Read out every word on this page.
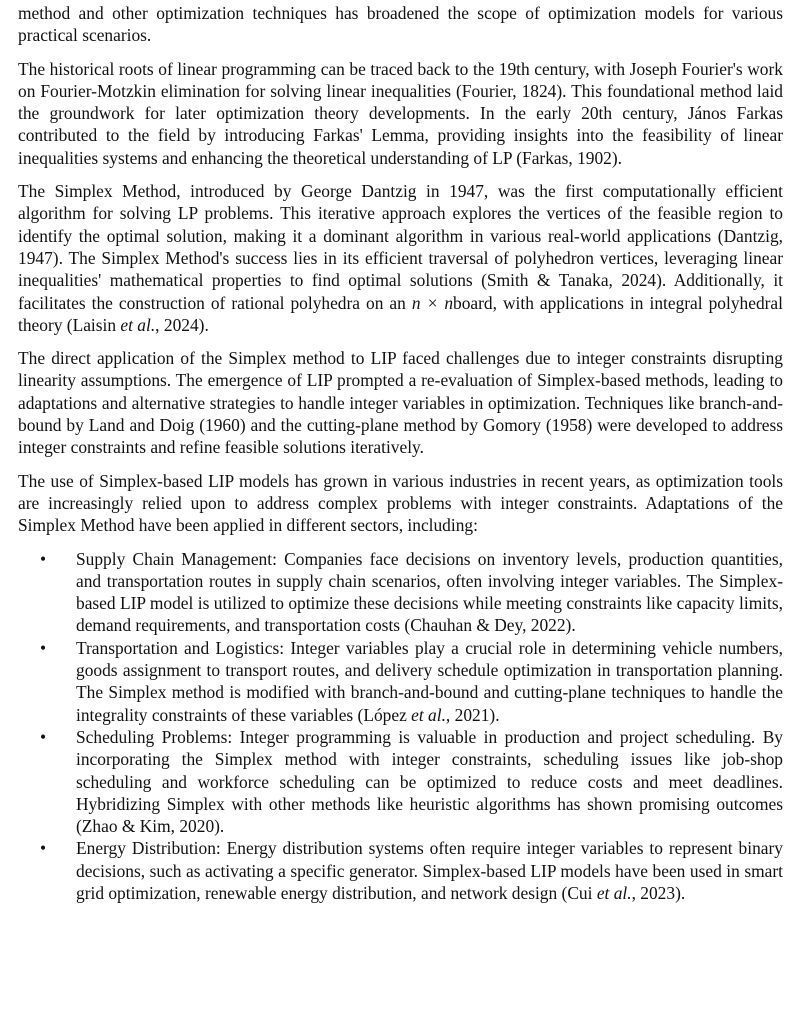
method and other optimization techniques has broadened the scope of optimization models for various practical scenarios.

The historical roots of linear programming can be traced back to the 19th century, with Joseph Fourier's work on Fourier-Motzkin elimination for solving linear inequalities (Fourier, 1824). This foundational method laid the groundwork for later optimization theory developments. In the early 20th century, János Farkas contributed to the field by introducing Farkas' Lemma, providing insights into the feasibility of linear inequalities systems and enhancing the theoretical understanding of LP (Farkas, 1902).

The Simplex Method, introduced by George Dantzig in 1947, was the first computationally efficient algorithm for solving LP problems. This iterative approach explores the vertices of the feasible region to identify the optimal solution, making it a dominant algorithm in various real-world applications (Dantzig, 1947). The Simplex Method's success lies in its efficient traversal of polyhedron vertices, leveraging linear inequalities' mathematical properties to find optimal solutions (Smith & Tanaka, 2024). Additionally, it facilitates the construction of rational polyhedra on an n × nboard, with applications in integral polyhedral theory (Laisin et al., 2024).

The direct application of the Simplex method to LIP faced challenges due to integer constraints disrupting linearity assumptions. The emergence of LIP prompted a re-evaluation of Simplex-based methods, leading to adaptations and alternative strategies to handle integer variables in optimization. Techniques like branch-and-bound by Land and Doig (1960) and the cutting-plane method by Gomory (1958) were developed to address integer constraints and refine feasible solutions iteratively.

The use of Simplex-based LIP models has grown in various industries in recent years, as optimization tools are increasingly relied upon to address complex problems with integer constraints. Adaptations of the Simplex Method have been applied in different sectors, including:

• Supply Chain Management: Companies face decisions on inventory levels, production quantities, and transportation routes in supply chain scenarios, often involving integer variables. The Simplex-based LIP model is utilized to optimize these decisions while meeting constraints like capacity limits, demand requirements, and transportation costs (Chauhan & Dey, 2022).
• Transportation and Logistics: Integer variables play a crucial role in determining vehicle numbers, goods assignment to transport routes, and delivery schedule optimization in transportation planning. The Simplex method is modified with branch-and-bound and cutting-plane techniques to handle the integrality constraints of these variables (López et al., 2021).
• Scheduling Problems: Integer programming is valuable in production and project scheduling. By incorporating the Simplex method with integer constraints, scheduling issues like job-shop scheduling and workforce scheduling can be optimized to reduce costs and meet deadlines. Hybridizing Simplex with other methods like heuristic algorithms has shown promising outcomes (Zhao & Kim, 2020).
• Energy Distribution: Energy distribution systems often require integer variables to represent binary decisions, such as activating a specific generator. Simplex-based LIP models have been used in smart grid optimization, renewable energy distribution, and network design (Cui et al., 2023).
